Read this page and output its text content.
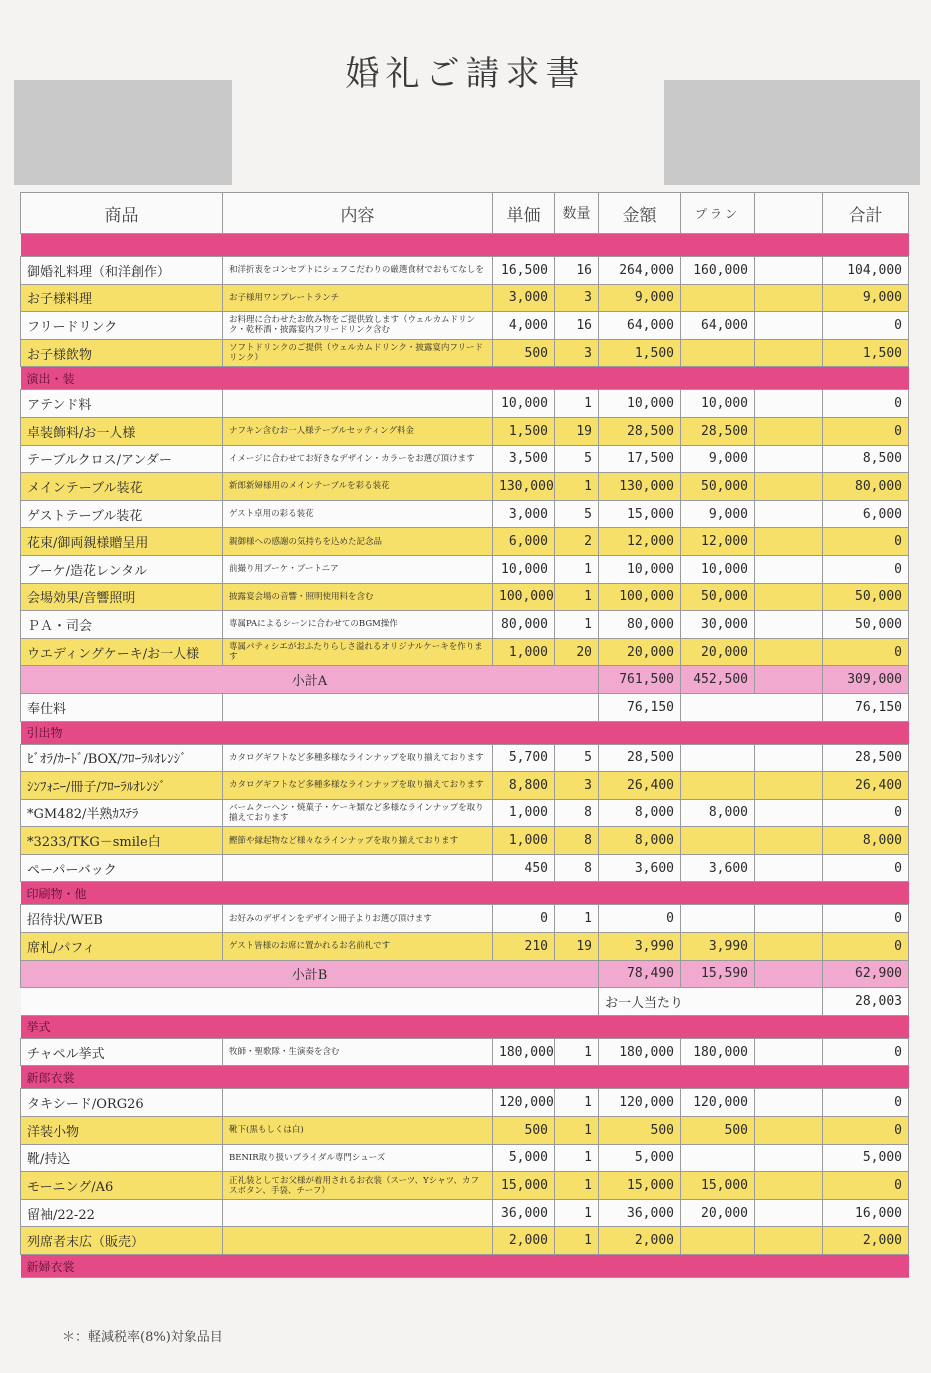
婚礼ご請求書
商品	内容	単価	数量	金額	プラン		合計

御婚礼料理（和洋創作）	和洋折衷をコンセプトにシェフこだわりの厳選食材でおもてなしを	16,500	16	264,000	160,000		104,000
お子様料理	お子様用ワンプレートランチ	3,000	3	9,000			9,000
フリードリンク	お料理に合わせたお飲み物をご提供致します（ウェルカムドリンク・乾杯酒・披露宴内フリードリンク含む	4,000	16	64,000	64,000		0
お子様飲物	ソフトドリンクのご提供（ウェルカムドリンク・披露宴内フリードリンク）	500	3	1,500			1,500
演出・装							
アテンド料		10,000	1	10,000	10,000		0
卓装飾料/お一人様	ナフキン含むお一人様テーブルセッティング料金	1,500	19	28,500	28,500		0
テーブルクロス/アンダー	イメージに合わせてお好きなデザイン・カラーをお選び頂けます	3,500	5	17,500	9,000		8,500
メインテーブル装花	新郎新婦様用のメインテーブルを彩る装花	130,000	1	130,000	50,000		80,000
ゲストテーブル装花	ゲスト卓用の彩る装花	3,000	5	15,000	9,000		6,000
花束/御両親様贈呈用	親御様への感謝の気持ちを込めた記念品	6,000	2	12,000	12,000		0
ブーケ/造花レンタル	前撮り用ブーケ・ブートニア	10,000	1	10,000	10,000		0
会場効果/音響照明	披露宴会場の音響・照明使用料を含む	100,000	1	100,000	50,000		50,000
ＰＡ・司会	専属PAによるシーンに合わせてのBGM操作	80,000	1	80,000	30,000		50,000
ウエディングケーキ/お一人様	専属パティシエがおふたりらしさ溢れるオリジナルケーキを作ります	1,000	20	20,000	20,000		0
小計A				761,500	452,500		309,000
奉仕料				76,150			76,150
引出物							
ﾋﾞｵﾗ/ｶｰﾄﾞ/BOX/ﾌﾛｰﾗﾙｵﾚﾝｼﾞ	カタログギフトなど多種多様なラインナップを取り揃えております	5,700	5	28,500			28,500
ｼﾝﾌｫﾆｰ/冊子/ﾌﾛｰﾗﾙｵﾚﾝｼﾞ	カタログギフトなど多種多様なラインナップを取り揃えております	8,800	3	26,400			26,400
*GM482/半熟ｶｽﾃﾗ	バームクーヘン・焼菓子・ケーキ類など多様なラインナップを取り揃えております	1,000	8	8,000	8,000		0
*3233/TKG－smile白	鰹節や縁起物など様々なラインナップを取り揃えております	1,000	8	8,000			8,000
ペーパーバック		450	8	3,600	3,600		0
印刷物・他							
招待状/WEB	お好みのデザインをデザイン冊子よりお選び頂けます	0	1	0			0
席札/パフィ	ゲスト皆様のお席に置かれるお名前札です	210	19	3,990	3,990		0
小計B				78,490	15,590		62,900
				お一人当たり			28,003
挙式							
チャペル挙式	牧師・聖歌隊・生演奏を含む	180,000	1	180,000	180,000		0
新郎衣裳							
タキシード/ORG26		120,000	1	120,000	120,000		0
洋装小物	靴下(黒もしくは白)	500	1	500	500		0
靴/持込	BENIR取り扱いブライダル専門シューズ	5,000	1	5,000			5,000
モーニング/A6	正礼装としてお父様が着用されるお衣装（スーツ、Yシャツ、カフスボタン、手袋、チーフ）	15,000	1	15,000	15,000		0
留袖/22-22		36,000	1	36,000	20,000		16,000
列席者末広（販売）		2,000	1	2,000			2,000
新婦衣裳							
＊：軽減税率(8%)対象品目
